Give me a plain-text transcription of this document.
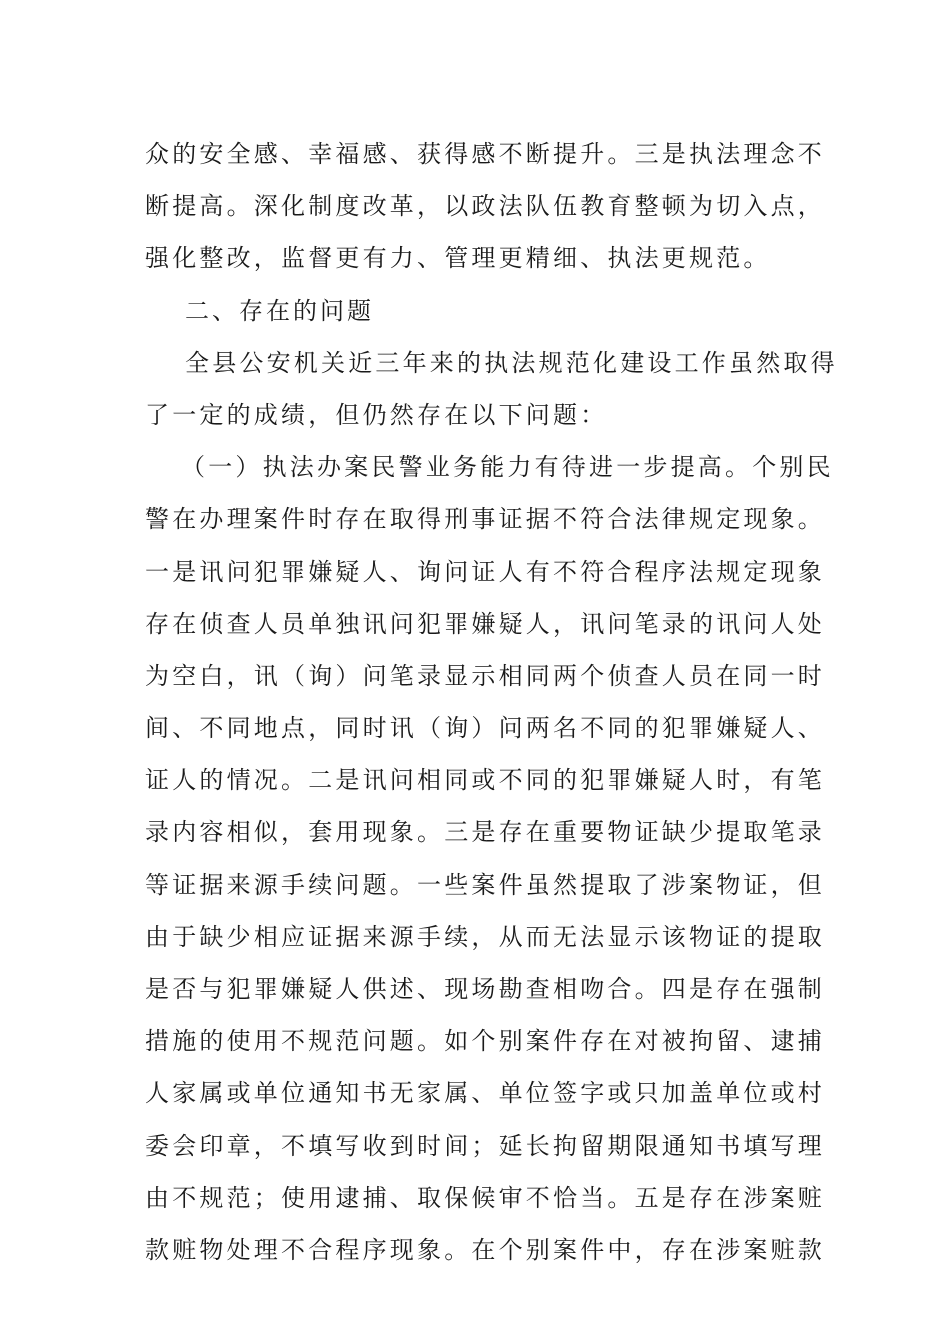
众的安全感、幸福感、获得感不断提升。三是执法理念不
断提高。深化制度改革，以政法队伍教育整顿为切入点，
强化整改，监督更有力、管理更精细、执法更规范。
二、存在的问题
全县公安机关近三年来的执法规范化建设工作虽然取得
了一定的成绩，但仍然存在以下问题：
（一）执法办案民警业务能力有待进一步提高。个别民
警在办理案件时存在取得刑事证据不符合法律规定现象。
一是讯问犯罪嫌疑人、询问证人有不符合程序法规定现象
存在侦查人员单独讯问犯罪嫌疑人，讯问笔录的讯问人处
为空白，讯（询）问笔录显示相同两个侦查人员在同一时
间、不同地点，同时讯（询）问两名不同的犯罪嫌疑人、
证人的情况。二是讯问相同或不同的犯罪嫌疑人时，有笔
录内容相似，套用现象。三是存在重要物证缺少提取笔录
等证据来源手续问题。一些案件虽然提取了涉案物证，但
由于缺少相应证据来源手续，从而无法显示该物证的提取
是否与犯罪嫌疑人供述、现场勘查相吻合。四是存在强制
措施的使用不规范问题。如个别案件存在对被拘留、逮捕
人家属或单位通知书无家属、单位签字或只加盖单位或村
委会印章，不填写收到时间；延长拘留期限通知书填写理
由不规范；使用逮捕、取保候审不恰当。五是存在涉案赃
款赃物处理不合程序现象。在个别案件中，存在涉案赃款
